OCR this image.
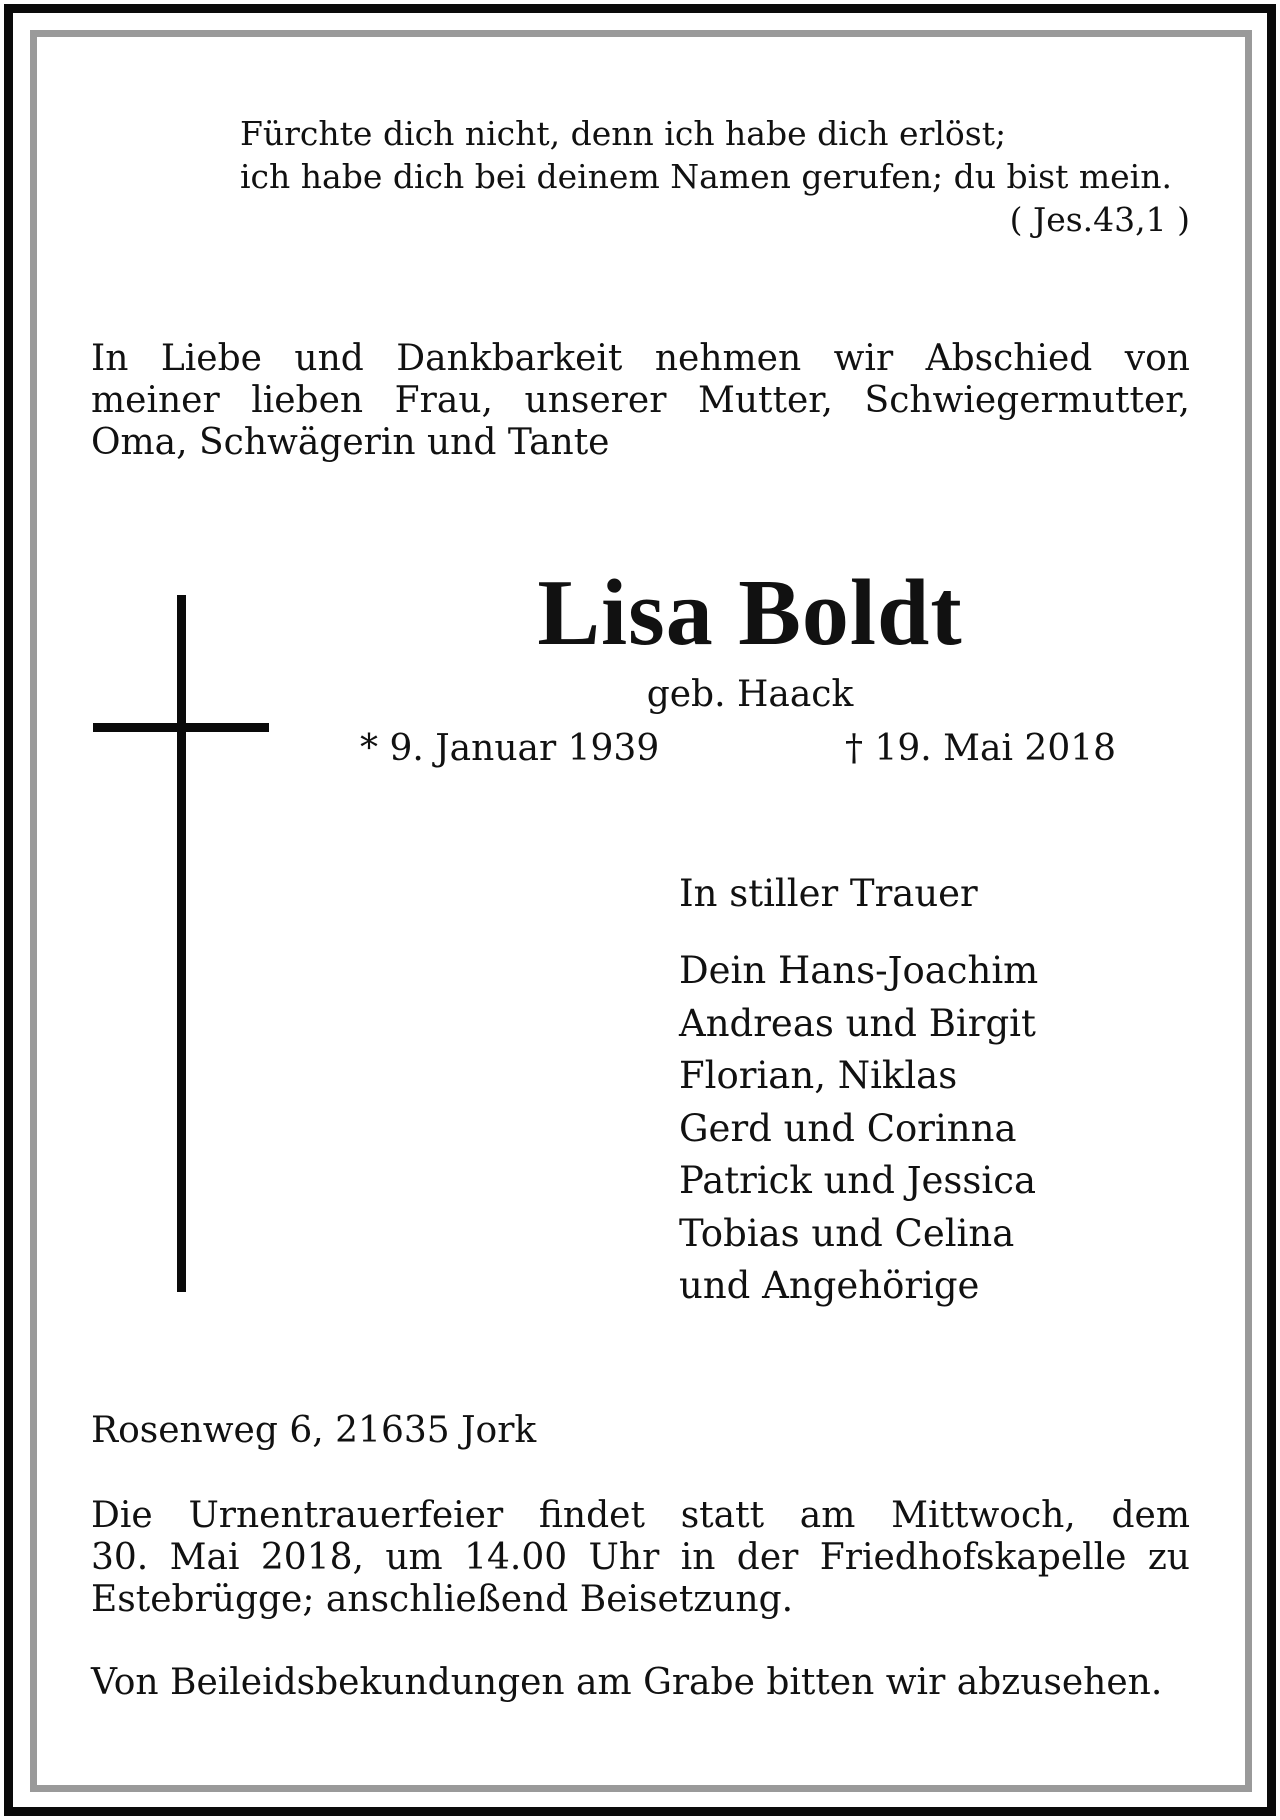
Fürchte dich nicht, denn ich habe dich erlöst;
ich habe dich bei deinem Namen gerufen; du bist mein.
( Jes.43,1 )

In Liebe und Dankbarkeit nehmen wir Abschied von
meiner lieben Frau, unserer Mutter, Schwiegermutter,
Oma, Schwägerin und Tante

Lisa Boldt
geb. Haack
* 9. Januar 1939	† 19. Mai 2018
In stiller Trauer
Dein Hans-Joachim
Andreas und Birgit
Florian, Niklas
Gerd und Corinna
Patrick und Jessica
Tobias und Celina
und Angehörige
Rosenweg 6, 21635 Jork

Die Urnentrauerfeier findet statt am Mittwoch, dem
30. Mai 2018, um 14.00 Uhr in der Friedhofskapelle zu
Estebrügge; anschließend Beisetzung.

Von Beileidsbekundungen am Grabe bitten wir abzusehen.
